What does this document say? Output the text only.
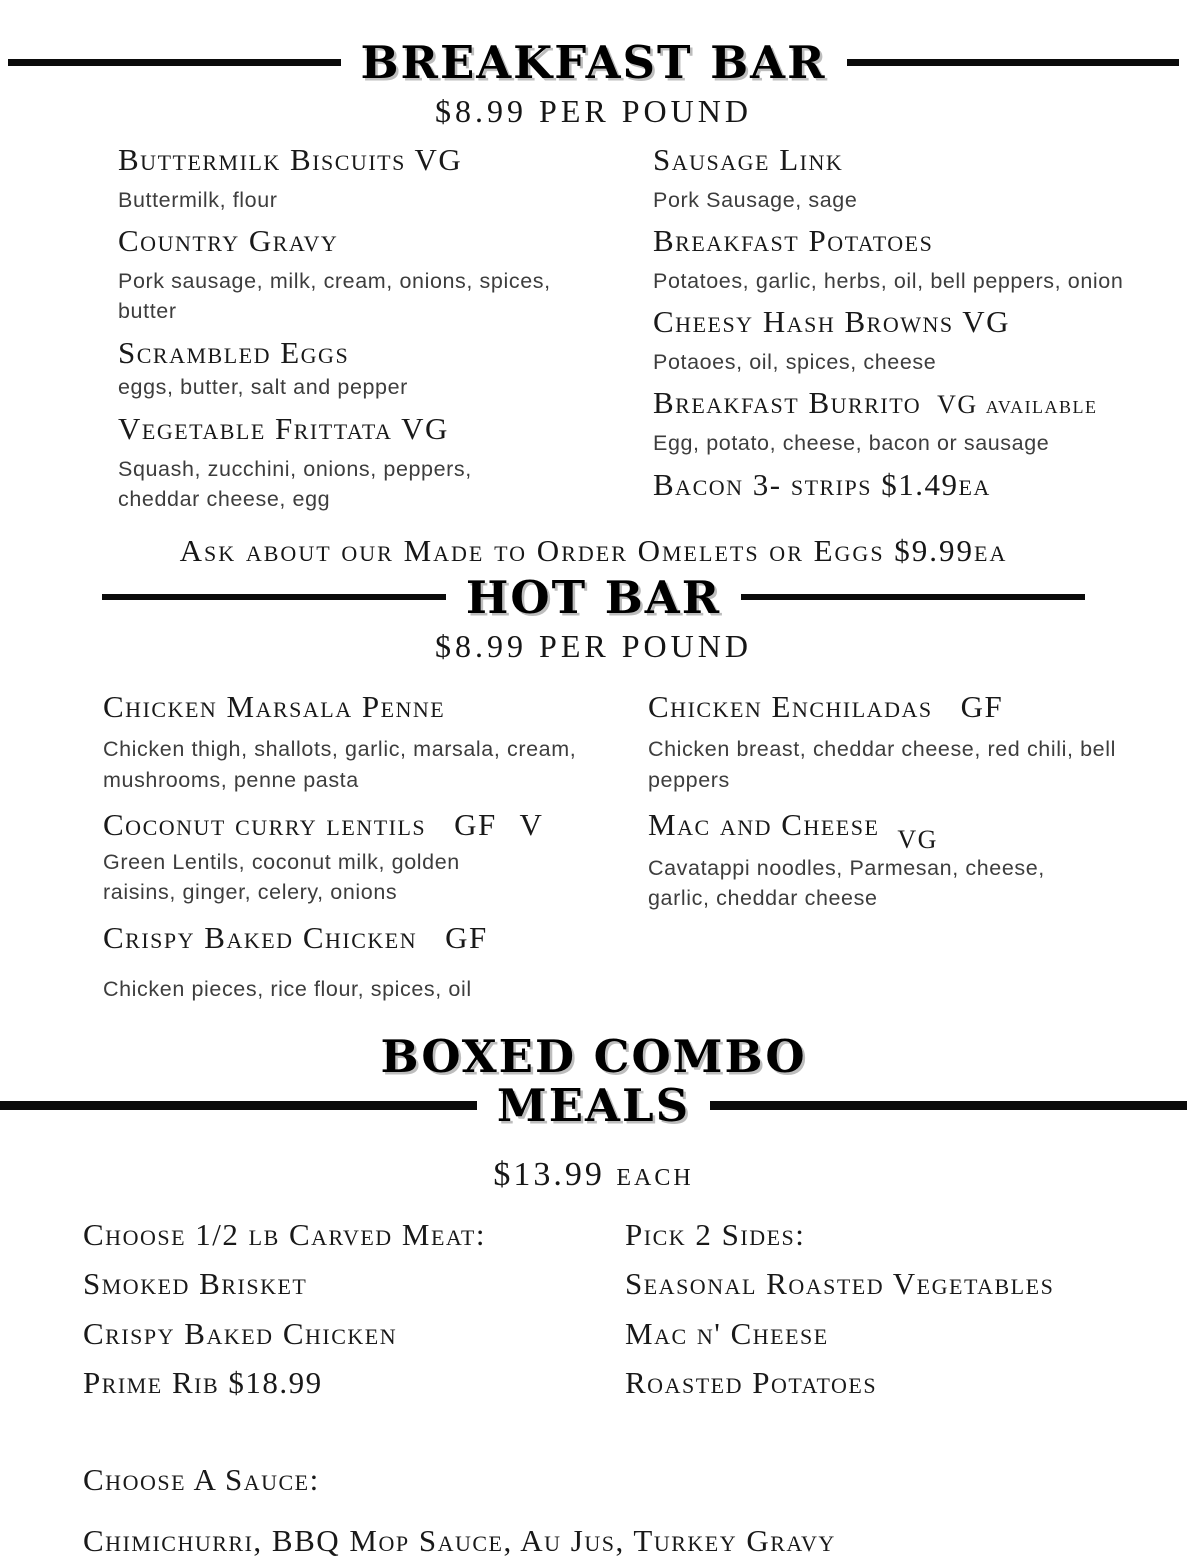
BREAKFAST BAR
$8.99 PER POUND
Buttermilk Biscuits VG
Buttermilk, flour
Country Gravy
Pork sausage, milk, cream, onions, spices, butter
Scrambled Eggs
eggs, butter, salt and pepper
Vegetable Frittata VG
Squash, zucchini, onions, peppers, cheddar cheese, egg
Sausage Link
Pork Sausage, sage
Breakfast Potatoes
Potatoes, garlic, herbs, oil, bell peppers, onion
Cheesy Hash Browns VG
Potaoes, oil, spices, cheese
Breakfast Burrito VG available
Egg, potato, cheese, bacon or sausage
Bacon 3- strips $1.49ea
Ask about our Made to Order Omelets or Eggs $9.99ea
HOT BAR
$8.99 PER POUND
Chicken Marsala Penne
Chicken thigh, shallots, garlic, marsala, cream, mushrooms, penne pasta
Coconut curry lentils GF V
Green Lentils, coconut milk, golden raisins, ginger, celery, onions
Crispy Baked Chicken GF
Chicken pieces, rice flour, spices, oil
Chicken Enchiladas GF
Chicken breast, cheddar cheese, red chili, bell peppers
Mac and Cheese $_{VG}$
Cavatappi noodles, Parmesan, cheese, garlic, cheddar cheese
BOXED COMBO
MEALS
$13.99 each
Choose 1/2 lb Carved Meat:
Smoked Brisket
Crispy Baked Chicken
Prime Rib $18.99
Pick 2 Sides:
Seasonal Roasted Vegetables
Mac n' Cheese
Roasted Potatoes
Choose A Sauce:
Chimichurri, BBQ Mop Sauce, Au Jus, Turkey Gravy
